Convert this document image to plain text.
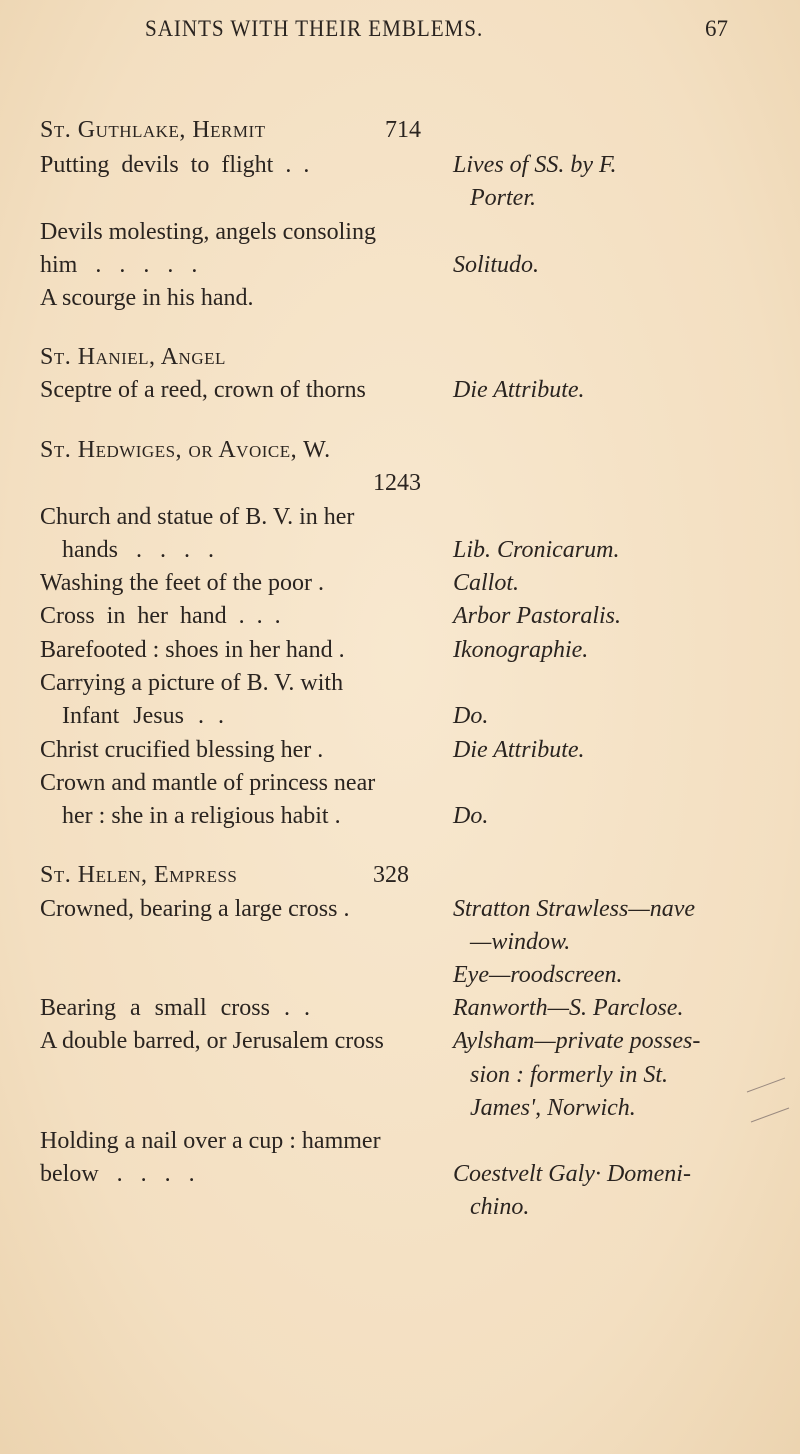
SAINTS WITH THEIR EMBLEMS.	67
St. Guthlake, Hermit	714
Putting devils to flight . .	Lives of SS. by F.
Porter.
Devils molesting, angels consoling
him . . . . .	Solitudo.
A scourge in his hand.
St. Haniel, Angel
Sceptre of a reed, crown of thorns	Die Attribute.
St. Hedwiges, or Avoice, W.
1243
Church and statue of B. V. in her
hands . . . .	Lib. Cronicarum.
Washing the feet of the poor .	Callot.
Cross in her hand . . .	Arbor Pastoralis.
Barefooted : shoes in her hand .	Ikonographie.
Carrying a picture of B. V. with
Infant Jesus . .	Do.
Christ crucified blessing her .	Die Attribute.
Crown and mantle of princess near
her : she in a religious habit .	Do.
St. Helen, Empress	328
Crowned, bearing a large cross .	Stratton Strawless—nave
—window.
Eye—roodscreen.
Bearing a small cross . .	Ranworth—S. Parclose.
A double barred, or Jerusalem cross	Aylsham—private posses-
sion : formerly in St.
James', Norwich.
Holding a nail over a cup : hammer
below . . . .	Coestvelt Galy· Domeni-
chino.
